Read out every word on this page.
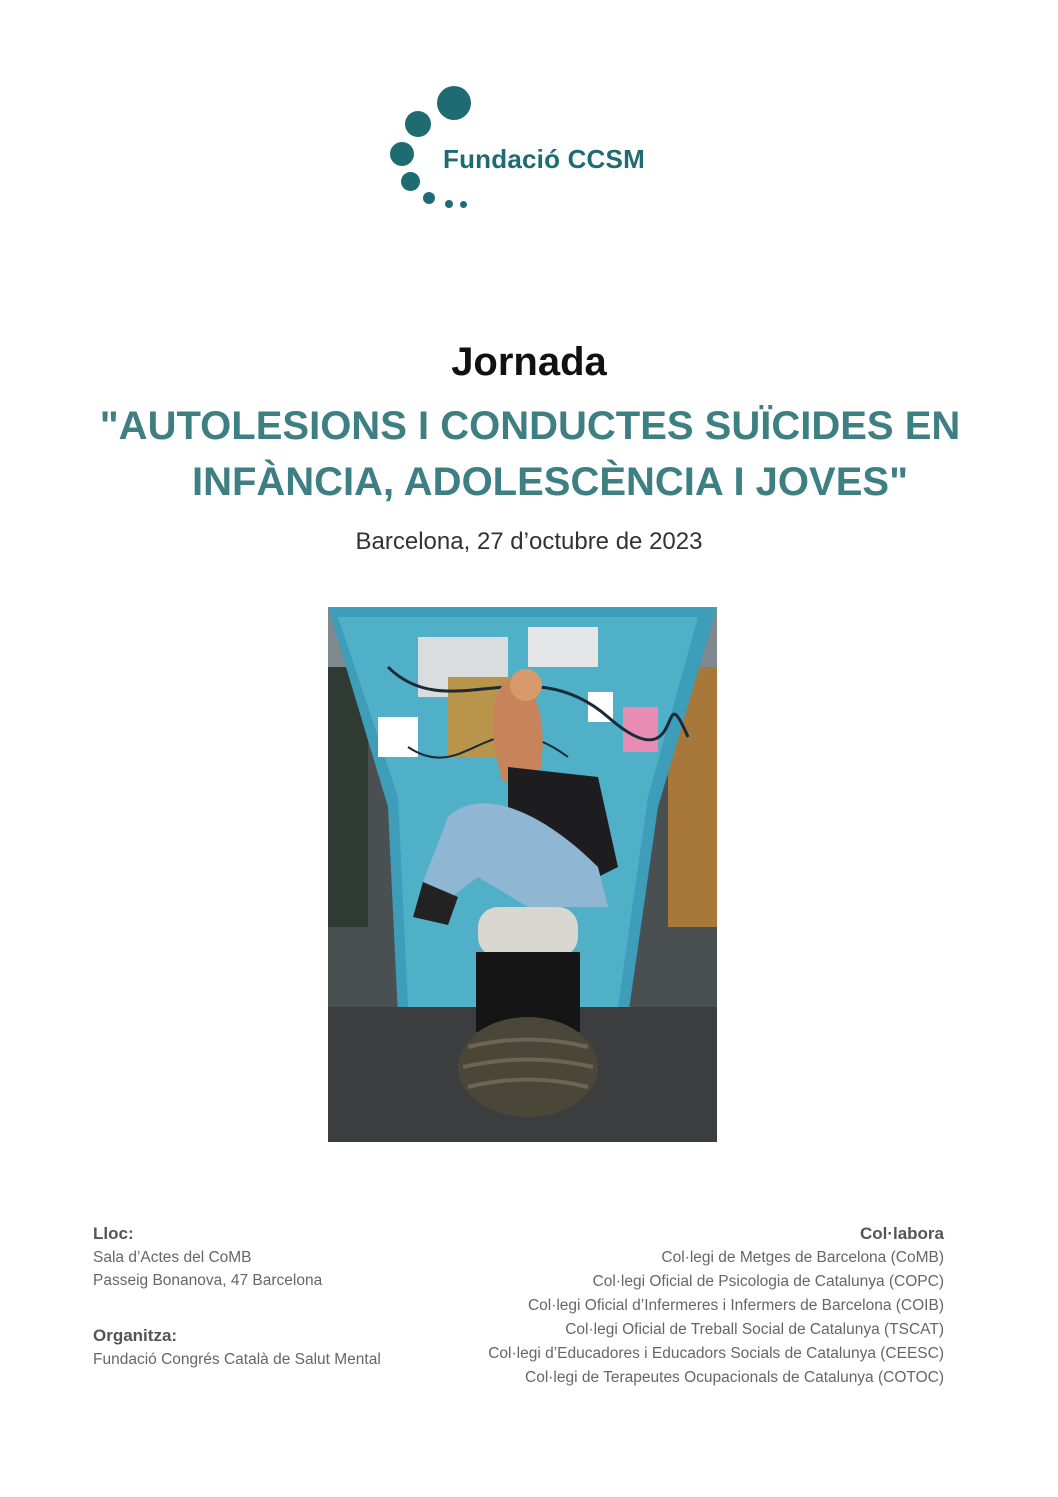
Fundació CCSM
Jornada
"AUTOLESIONS I CONDUCTES SUÏCIDES EN
INFÀNCIA, ADOLESCÈNCIA I JOVES"
Barcelona, 27 d’octubre de 2023
Lloc:
Sala d’Actes del CoMB
Passeig Bonanova, 47 Barcelona
Organitza:
Fundació Congrés Català de Salut Mental
Col·labora
Col·legi de Metges de Barcelona (CoMB)
Col·legi Oficial de Psicologia de Catalunya (COPC)
Col·legi Oficial d’Infermeres i Infermers de Barcelona (COIB)
Col·legi Oficial de Treball Social de Catalunya (TSCAT)
Col·legi d’Educadores i Educadors Socials de Catalunya (CEESC)
Col·legi de Terapeutes Ocupacionals de Catalunya (COTOC)
